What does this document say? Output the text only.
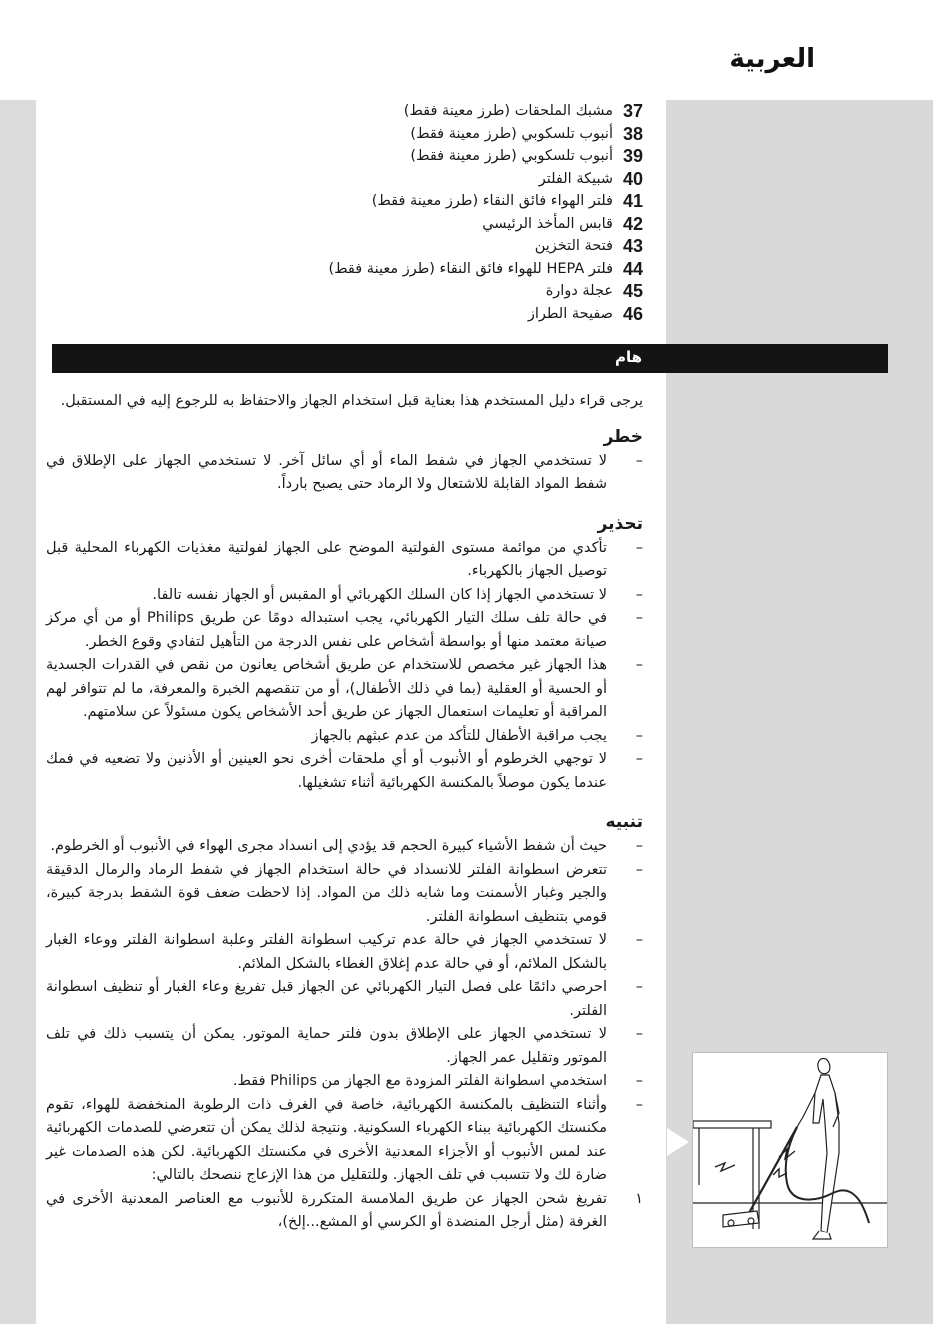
العربية
37
مشبك الملحقات (طرز معينة فقط)
38
أنبوب تلسكوبي (طرز معينة فقط)
39
أنبوب تلسكوبي (طرز معينة فقط)
40
شبيكة الفلتر
41
فلتر الهواء فائق النقاء (طرز معينة فقط)
42
قابس المأخذ الرئيسي
43
فتحة التخزين
44
فلتر HEPA للهواء فائق النقاء (طرز معينة فقط)
45
عجلة دوارة
46
صفيحة الطراز
هام
يرجى قراء دليل المستخدم هذا بعناية قبل استخدام الجهاز والاحتفاظ به للرجوع إليه في المستقبل.
خطر
–
لا تستخدمي الجهاز في شفط الماء أو أي سائل آخر. لا تستخدمي الجهاز على الإطلاق في شفط المواد القابلة للاشتعال ولا الرماد حتى يصبح بارداً.
تحذير
–
تأكدي من موائمة مستوى الفولتية الموضح على الجهاز لفولتية مغذيات الكهرباء المحلية قبل توصيل الجهاز بالكهرباء.
–
لا تستخدمي الجهاز إذا كان السلك الكهربائي أو المقبس أو الجهاز نفسه تالفا.
–
في حالة تلف سلك التيار الكهربائي، يجب استبداله دومًا عن طريق Philips أو من أي مركز صيانة معتمد منها أو بواسطة أشخاص على نفس الدرجة من التأهيل لتفادي وقوع الخطر.
–
هذا الجهاز غير مخصص للاستخدام عن طريق أشخاص يعانون من نقص في القدرات الجسدية أو الحسية أو العقلية (بما في ذلك الأطفال)، أو من تنقصهم الخبرة والمعرفة، ما لم تتوافر لهم المراقبة أو تعليمات استعمال الجهاز عن طريق أحد الأشخاص يكون مسئولاً عن سلامتهم.
–
يجب مراقبة الأطفال للتأكد من عدم عبثهم بالجهاز
–
لا توجهي الخرطوم أو الأنبوب أو أي ملحقات أخرى نحو العينين أو الأذنين ولا تضعيه في فمك عندما يكون موصلاً بالمكنسة الكهربائية أثناء تشغيلها.
تنبيه
–
حيث أن شفط الأشياء كبيرة الحجم قد يؤدي إلى انسداد مجرى الهواء في الأنبوب أو الخرطوم.
–
تتعرض اسطوانة الفلتر للانسداد في حالة استخدام الجهاز في شفط الرماد والرمال الدقيقة والجير وغبار الأسمنت وما شابه ذلك من المواد. إذا لاحظت ضعف قوة الشفط بدرجة كبيرة، قومي بتنظيف اسطوانة الفلتر.
–
لا تستخدمي الجهاز في حالة عدم تركيب اسطوانة الفلتر وعلبة اسطوانة الفلتر ووعاء الغبار بالشكل الملائم، أو في حالة عدم إغلاق الغطاء بالشكل الملائم.
–
احرصي دائمًا على فصل التيار الكهربائي عن الجهاز قبل تفريغ وعاء الغبار أو تنظيف اسطوانة الفلتر.
–
لا تستخدمي الجهاز على الإطلاق بدون فلتر حماية الموتور. يمكن أن يتسبب ذلك في تلف الموتور وتقليل عمر الجهاز.
–
استخدمي اسطوانة الفلتر المزودة مع الجهاز من Philips فقط.
–
وأثناء التنظيف بالمكنسة الكهربائية، خاصة في الغرف ذات الرطوبة المنخفضة للهواء، تقوم مكنستك الكهربائية ببناء الكهرباء السكونية. ونتيجة لذلك يمكن أن تتعرضي للصدمات الكهربائية عند لمس الأنبوب أو الأجزاء المعدنية الأخرى في مكنستك الكهربائية. لكن هذه الصدمات غير ضارة لك ولا تتسبب في تلف الجهاز. وللتقليل من هذا الإزعاج ننصحك بالتالي:
١
تفريغ شحن الجهاز عن طريق الملامسة المتكررة للأنبوب مع العناصر المعدنية الأخرى في الغرفة (مثل أرجل المنضدة أو الكرسي أو المشع...إلخ)،
